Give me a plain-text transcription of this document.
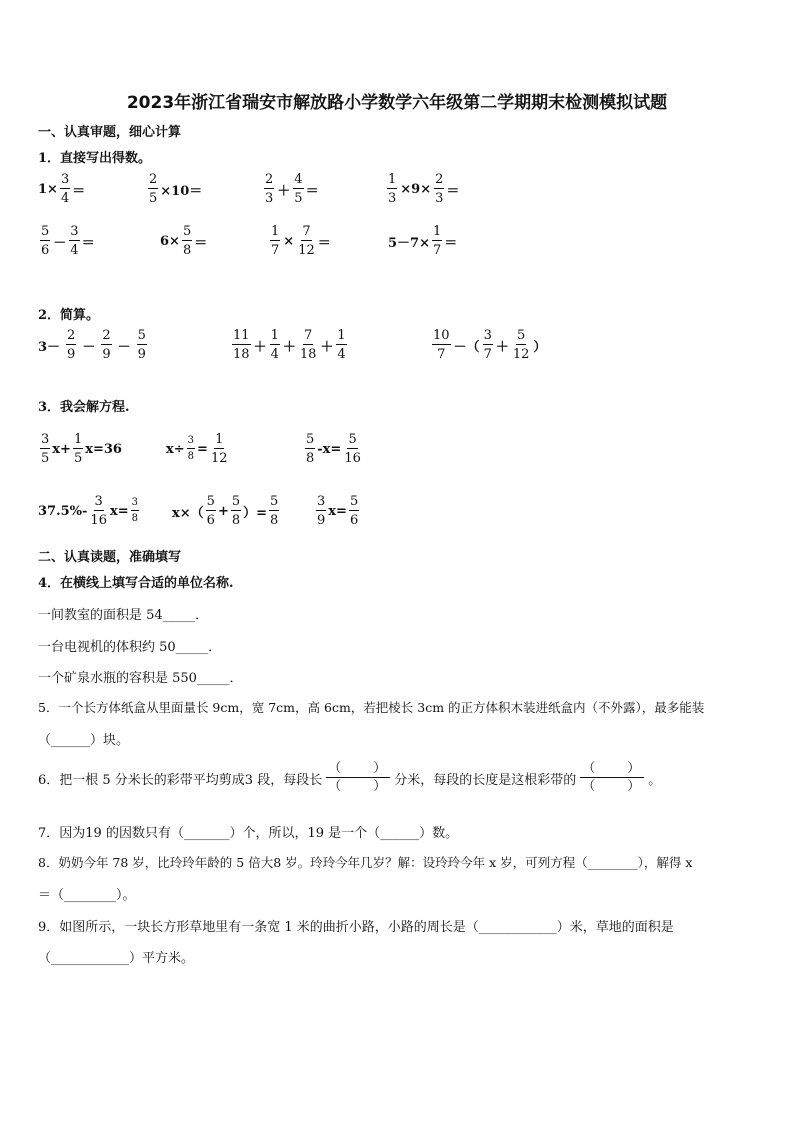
2023年浙江省瑞安市解放路小学数学六年级第二学期期末检测模拟试题
一、认真审题，细心计算
1．直接写出得数。
$1\times \frac{3}{4}$ ＝	$\frac{2}{5} \times 10=$	$\frac{2}{3} + \frac{4}{5}$ ＝	$\frac{1}{3} \times 9\times \frac{2}{3}$ ＝
$\frac{5}{6} - \frac{3}{4}$ ＝	$6\times \frac{5}{8}$ ＝	$\frac{1}{7} \times \frac{7}{12}$ ＝	$5-7\times \frac{1}{7}$ ＝
2．简算。
$3- \frac{2}{9} - \frac{2}{9} - \frac{5}{9}$	$\frac{11}{18} + \frac{1}{4} + \frac{7}{18} + \frac{1}{4}$	$\frac{10}{7}$ －（ $\frac{3}{7} + \frac{5}{12}$ ）
3．我会解方程.
$\frac{3}{5} x+ \frac{1}{5} x=36$	$x\div \frac{3}{8} = \frac{1}{12}$	$\frac{5}{8} -x= \frac{5}{16}$
$37.5\%- \frac{3}{16} x= \frac{3}{8}$	$x\times( \frac{5}{6} + \frac{5}{8}$ ）= $\frac{5}{8}$	$\frac{3}{9} x= \frac{5}{6}$
二、认真读题，准确填写
4．在横线上填写合适的单位名称.
一间教室的面积是 54_____．
一台电视机的体积约 50_____．
一个矿泉水瓶的容积是 550_____．
5．一个长方体纸盒从里面量长 9cm，宽 7cm，高 6cm，若把棱长 3cm 的正方体积木装进纸盒内（不外露），最多能装
（______）块。
6．把一根 5 分米长的彩带平均剪成3 段，每段长 $\frac{( )}{( )}$ 分米，每段的长度是这根彩带的 $\frac{( )}{( )}$ 。
7．因为19 的因数只有（_______）个，所以，19 是一个（______）数。
8．奶奶今年 78 岁，比玲玲年龄的 5 倍大8 岁。玲玲今年几岁？解：设玲玲今年 x 岁，可列方程（________），解得 x
＝（________）。
9．如图所示，一块长方形草地里有一条宽 1 米的曲折小路，小路的周长是（____________）米，草地的面积是
（____________）平方米。
